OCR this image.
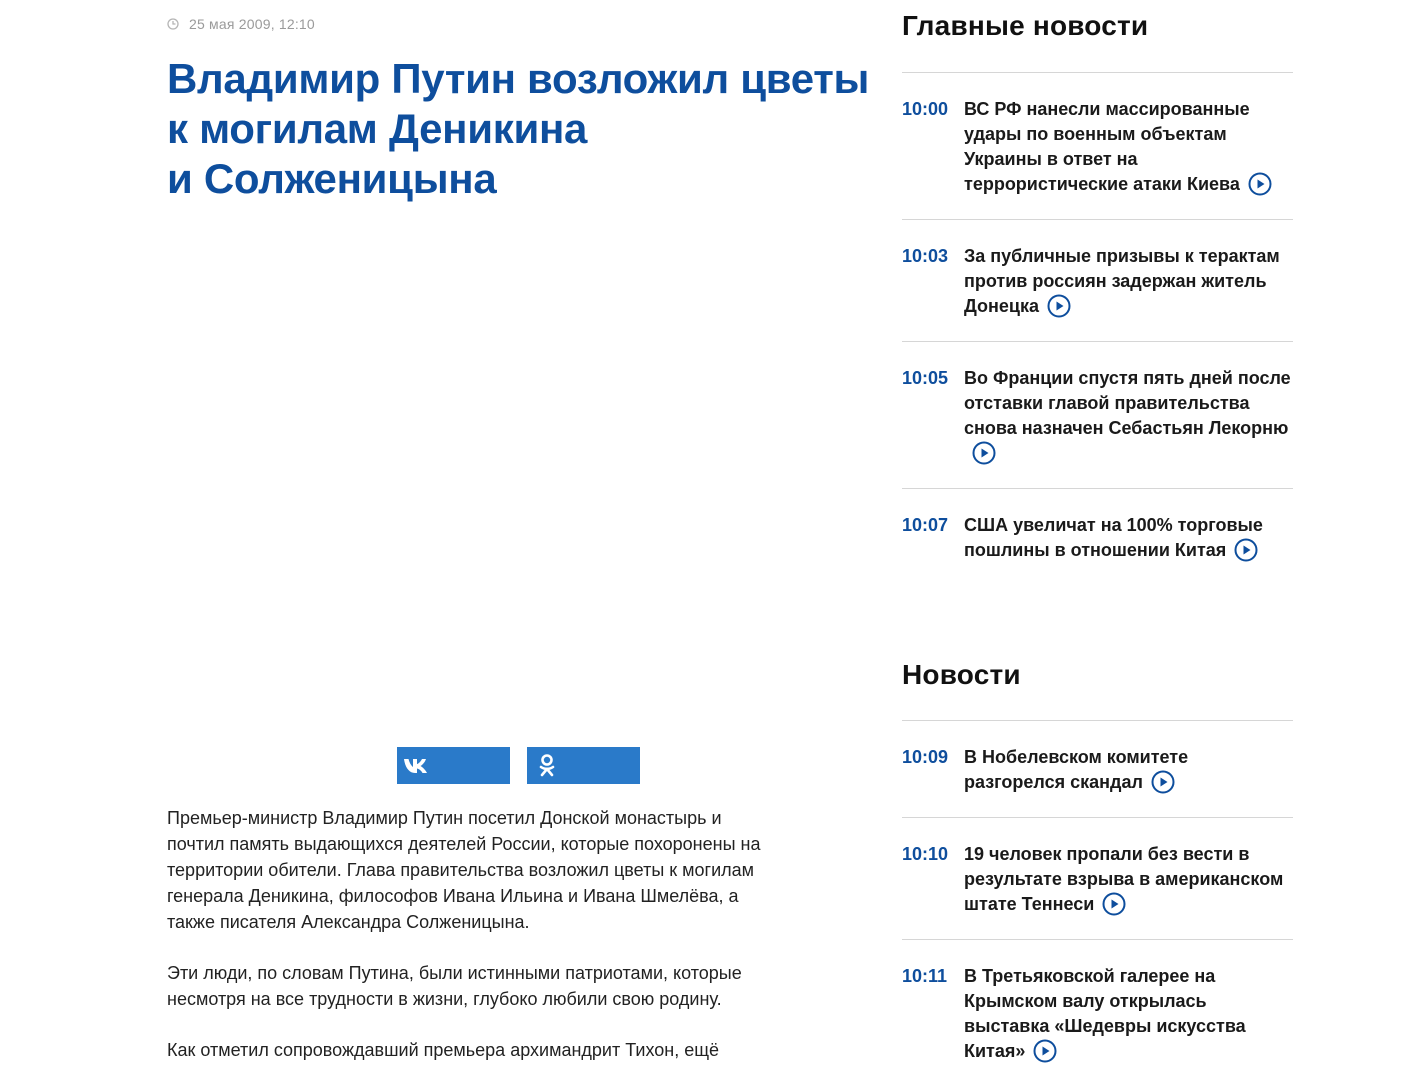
25 мая 2009, 12:10
Владимир Путин возложил цветы
к могилам Деникина
и Солженицына

Премьер-министр Владимир Путин посетил Донской монастырь и почтил память выдающихся деятелей России, которые похоронены на территории обители. Глава правительства возложил цветы к могилам генерала Деникина, философов Ивана Ильина и Ивана Шмелёва, а также писателя Александра Солженицына.

Эти люди, по словам Путина, были истинными патриотами, которые несмотря на все трудности в жизни, глубоко любили свою родину.

Как отметил сопровождавший премьера архимандрит Тихон, ещё

Главные новости
10:00 ВС РФ нанесли массированные удары по военным объектам Украины в ответ на террористические атаки Киева
10:03 За публичные призывы к терактам против россиян задержан житель Донецка
10:05 Во Франции спустя пять дней после отставки главой правительства снова назначен Себастьян Лекорню
10:07 США увеличат на 100% торговые пошлины в отношении Китая
Новости
10:09 В Нобелевском комитете разгорелся скандал
10:10 19 человек пропали без вести в результате взрыва в американском штате Теннеси
10:11 В Третьяковской галерее на Крымском валу открылась выставка «Шедевры искусства Китая»
